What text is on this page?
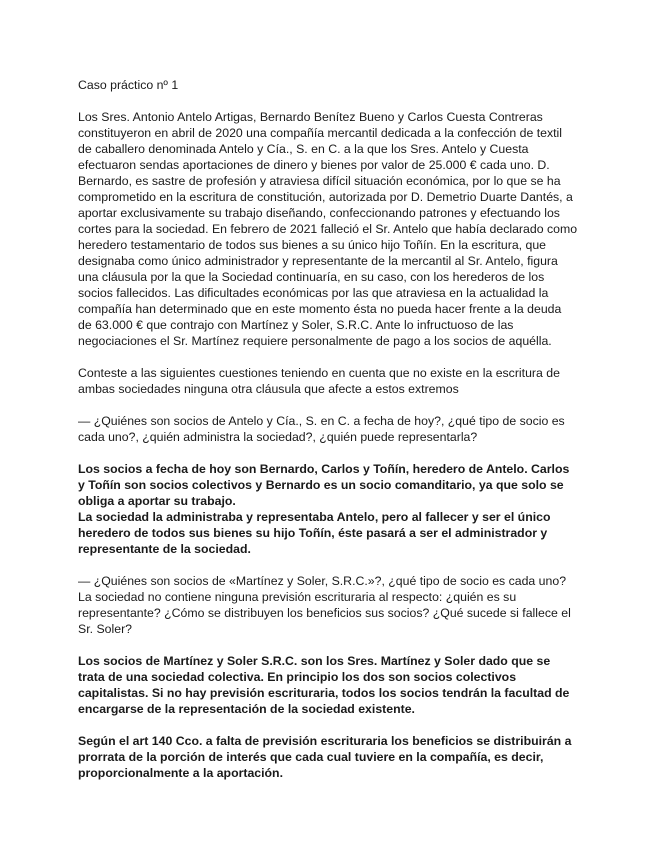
Caso práctico nº 1

Los Sres. Antonio Antelo Artigas, Bernardo Benítez Bueno y Carlos Cuesta Contreras constituyeron en abril de 2020 una compañía mercantil dedicada a la confección de textil de caballero denominada Antelo y Cía., S. en C. a la que los Sres. Antelo y Cuesta efectuaron sendas aportaciones de dinero y bienes por valor de 25.000 € cada uno. D. Bernardo, es sastre de profesión y atraviesa difícil situación económica, por lo que se ha comprometido en la escritura de constitución, autorizada por D. Demetrio Duarte Dantés, a aportar exclusivamente su trabajo diseñando, confeccionando patrones y efectuando los cortes para la sociedad. En febrero de 2021 falleció el Sr. Antelo que había declarado como heredero testamentario de todos sus bienes a su único hijo Toñín. En la escritura, que designaba como único administrador y representante de la mercantil al Sr. Antelo, figura una cláusula por la que la Sociedad continuaría, en su caso, con los herederos de los socios fallecidos. Las dificultades económicas por las que atraviesa en la actualidad la compañía han determinado que en este momento ésta no pueda hacer frente a la deuda de 63.000 € que contrajo con Martínez y Soler, S.R.C. Ante lo infructuoso de las negociaciones el Sr. Martínez requiere personalmente de pago a los socios de aquélla.

Conteste a las siguientes cuestiones teniendo en cuenta que no existe en la escritura de ambas sociedades ninguna otra cláusula que afecte a estos extremos

— ¿Quiénes son socios de Antelo y Cía., S. en C. a fecha de hoy?, ¿qué tipo de socio es cada uno?, ¿quién administra la sociedad?, ¿quién puede representarla?

Los socios a fecha de hoy son Bernardo, Carlos y Toñín, heredero de Antelo. Carlos y Toñín son socios colectivos y Bernardo es un socio comanditario, ya que solo se obliga a aportar su trabajo.

La sociedad la administraba y representaba Antelo, pero al fallecer y ser el único heredero de todos sus bienes su hijo Toñín, éste pasará a ser el administrador y representante de la sociedad.

— ¿Quiénes son socios de «Martínez y Soler, S.R.C.»?, ¿qué tipo de socio es cada uno? La sociedad no contiene ninguna previsión escrituraria al respecto: ¿quién es su representante? ¿Cómo se distribuyen los beneficios sus socios? ¿Qué sucede si fallece el Sr. Soler?

Los socios de Martínez y Soler S.R.C. son los Sres. Martínez y Soler dado que se trata de una sociedad colectiva. En principio los dos son socios colectivos capitalistas. Si no hay previsión escrituraria, todos los socios tendrán la facultad de encargarse de la representación de la sociedad existente.

Según el art 140 Cco. a falta de previsión escrituraria los beneficios se distribuirán a prorrata de la porción de interés que cada cual tuviere en la compañía, es decir, proporcionalmente a la aportación.
